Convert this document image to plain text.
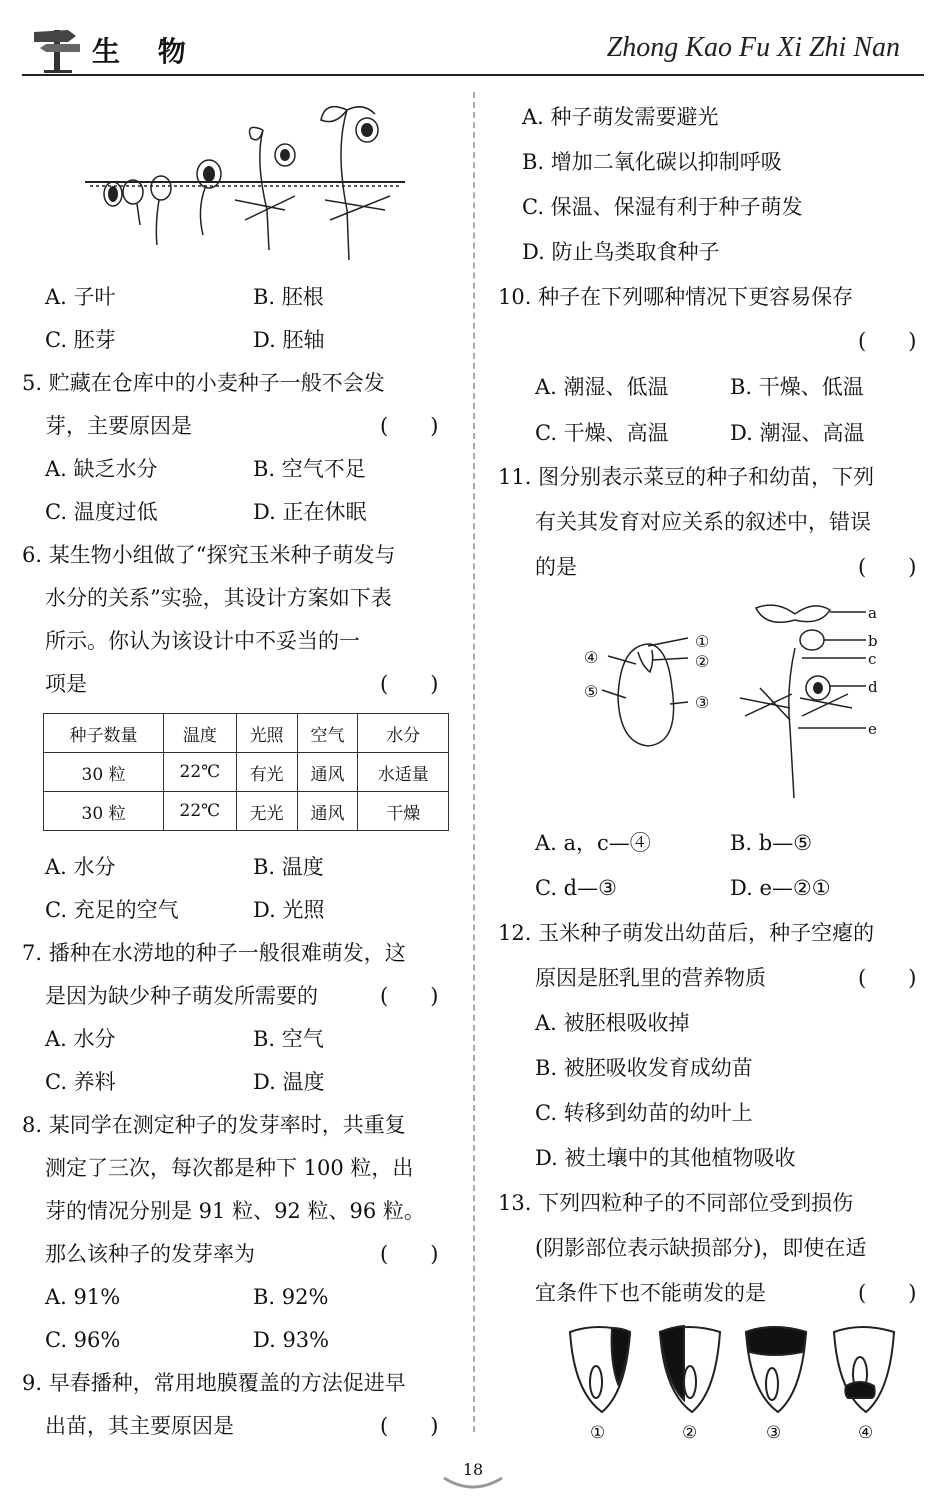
生 物	Zhong Kao Fu Xi Zhi Nan
A. 子叶	B. 胚根
C. 胚芽	D. 胚轴
5. 贮藏在仓库中的小麦种子一般不会发
芽，主要原因是	(　　)
A. 缺乏水分	B. 空气不足
C. 温度过低	D. 正在休眠
6. 某生物小组做了“探究玉米种子萌发与
水分的关系”实验，其设计方案如下表
所示。你认为该设计中不妥当的一
项是	(　　)
种子数量	温度	光照	空气	水分
30 粒	22℃	有光	通风	水适量
30 粒	22℃	无光	通风	干燥
A. 水分	B. 温度
C. 充足的空气	D. 光照
7. 播种在水涝地的种子一般很难萌发，这
是因为缺少种子萌发所需要的	(　　)
A. 水分	B. 空气
C. 养料	D. 温度
8. 某同学在测定种子的发芽率时，共重复
测定了三次，每次都是种下 100 粒，出
芽的情况分别是 91 粒、92 粒、96 粒。
那么该种子的发芽率为	(　　)
A. 91%	B. 92%
C. 96%	D. 93%
9. 早春播种，常用地膜覆盖的方法促进早
出苗，其主要原因是	(　　)
A. 种子萌发需要避光
B. 增加二氧化碳以抑制呼吸
C. 保温、保湿有利于种子萌发
D. 防止鸟类取食种子
10. 种子在下列哪种情况下更容易保存
(　　)
A. 潮湿、低温	B. 干燥、低温
C. 干燥、高温	D. 潮湿、高温
11. 图分别表示菜豆的种子和幼苗，下列
有关其发育对应关系的叙述中，错误
的是	(　　)
①
②
③
④
⑤
a
b
c
d
e
A. a，c—④	B. b—⑤
C. d—③	D. e—②①
12. 玉米种子萌发出幼苗后，种子空瘪的
原因是胚乳里的营养物质	(　　)
A. 被胚根吸收掉
B. 被胚吸收发育成幼苗
C. 转移到幼苗的幼叶上
D. 被土壤中的其他植物吸收
13. 下列四粒种子的不同部位受到损伤
(阴影部位表示缺损部分)，即使在适
宜条件下也不能萌发的是	(　　)
①	②	③	④
18
